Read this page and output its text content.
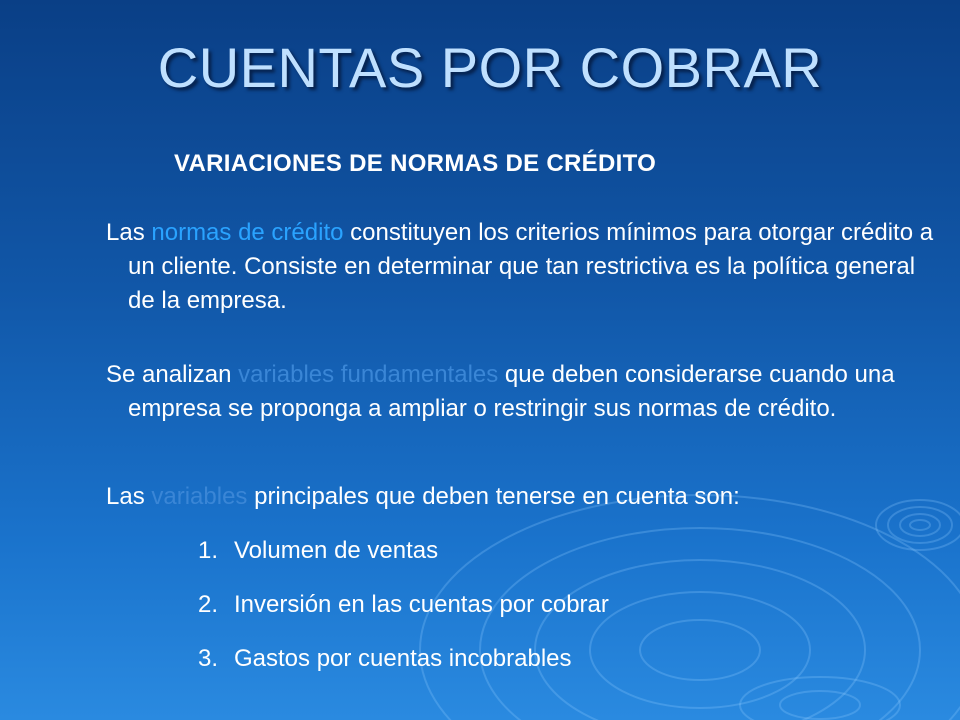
CUENTAS POR COBRAR
VARIACIONES DE NORMAS DE CRÉDITO

Las normas de crédito constituyen los criterios mínimos para otorgar crédito a un cliente. Consiste en determinar que tan restrictiva es la política general de la empresa.

Se analizan variables fundamentales que deben considerarse cuando una empresa se proponga a ampliar o restringir sus normas de crédito.

Las variables principales que deben tenerse en cuenta son:

1. Volumen de ventas
2. Inversión en las cuentas por cobrar
3. Gastos por cuentas incobrables
